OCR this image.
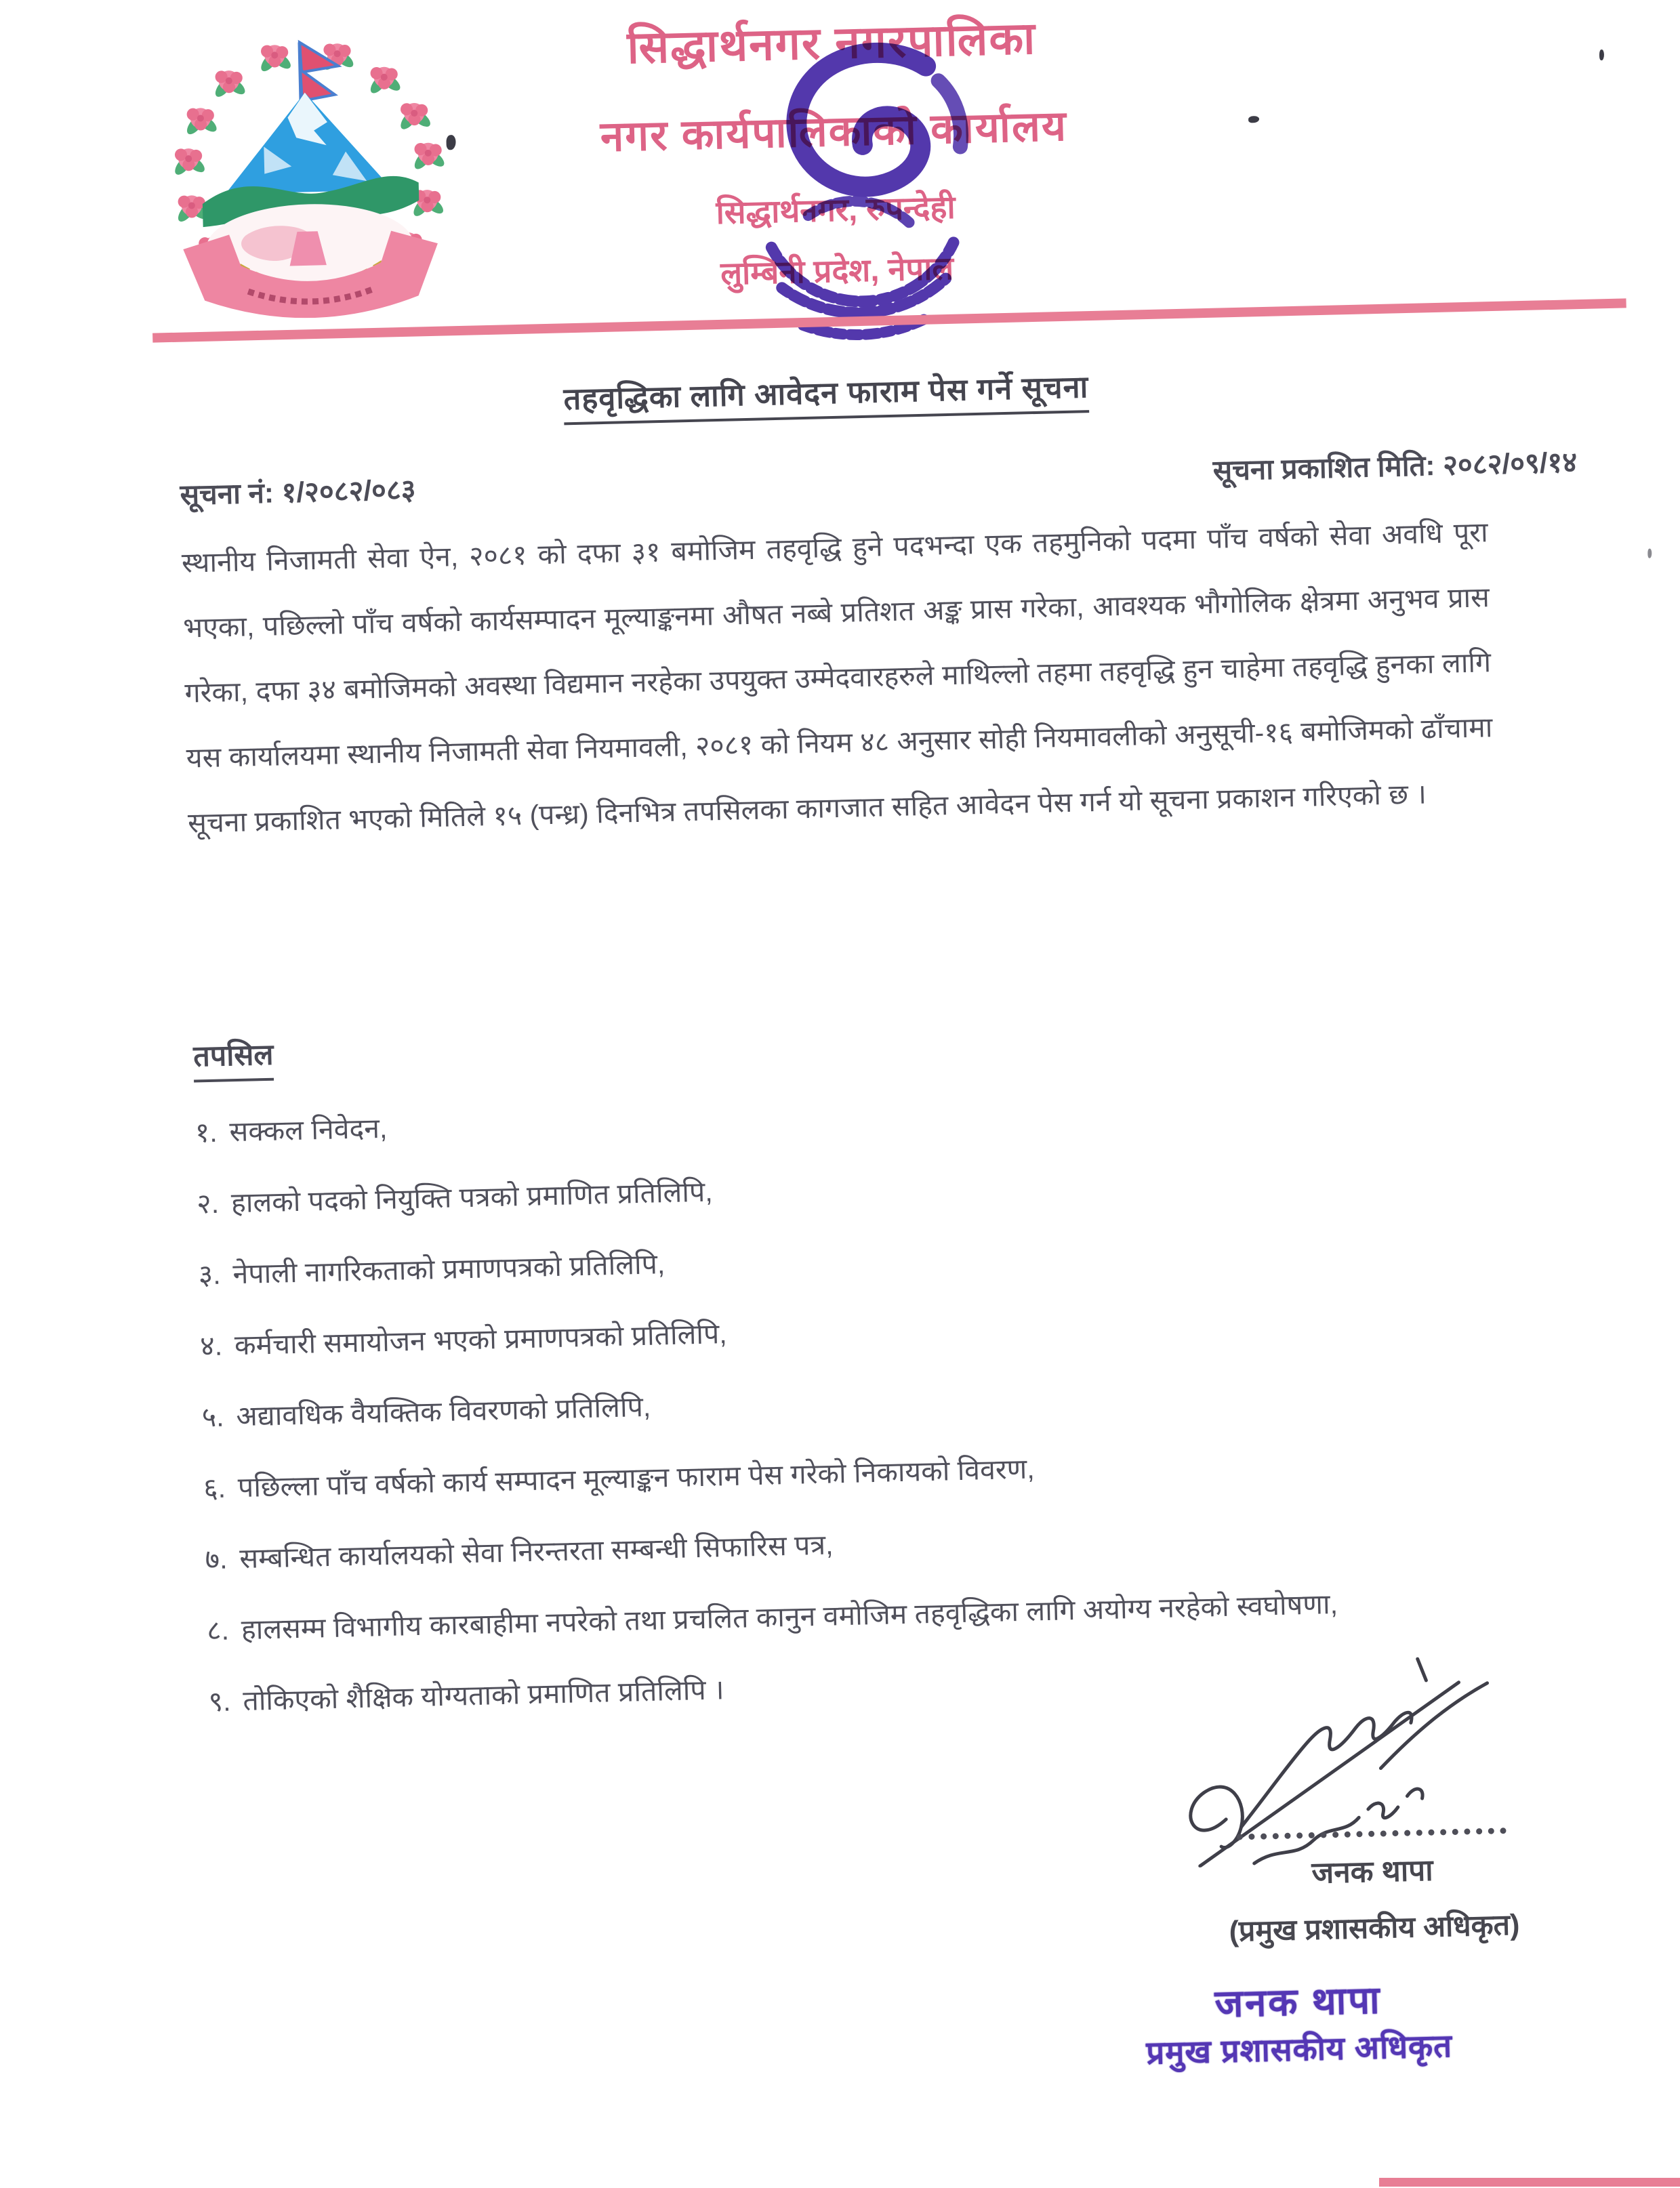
सिद्धार्थनगर नगरपालिका
नगर कार्यपालिकाको कार्यालय
सिद्धार्थनगर, रुपन्देही
लुम्बिनी प्रदेश, नेपाल
तहवृद्धिका लागि आवेदन फाराम पेस गर्ने सूचना
सूचना नं: १/२०८२/०८३
सूचना प्रकाशित मिति: २०८२/०९/१४

स्थानीय निजामती सेवा ऐन, २०८१ को दफा ३१ बमोजिम तहवृद्धि हुने पदभन्दा एक तहमुनिको पदमा पाँच वर्षको सेवा अवधि पूरा भएका, पछिल्लो पाँच वर्षको कार्यसम्पादन मूल्याङ्कनमा औषत नब्बे प्रतिशत अङ्क प्रास गरेका, आवश्यक भौगोलिक क्षेत्रमा अनुभव प्रास गरेका, दफा ३४ बमोजिमको अवस्था विद्यमान नरहेका उपयुक्त उम्मेदवारहरुले माथिल्लो तहमा तहवृद्धि हुन चाहेमा तहवृद्धि हुनका लागि यस कार्यालयमा स्थानीय निजामती सेवा नियमावली, २०८१ को नियम ४८ अनुसार सोही नियमावलीको अनुसूची-१६ बमोजिमको ढाँचामा सूचना प्रकाशित भएको मितिले १५ (पन्ध्र) दिनभित्र तपसिलका कागजात सहित आवेदन पेस गर्न यो सूचना प्रकाशन गरिएको छ ।

तपसिल
१. सक्कल निवेदन,
२. हालको पदको नियुक्ति पत्रको प्रमाणित प्रतिलिपि,
३. नेपाली नागरिकताको प्रमाणपत्रको प्रतिलिपि,
४. कर्मचारी समायोजन भएको प्रमाणपत्रको प्रतिलिपि,
५. अद्यावधिक वैयक्तिक विवरणको प्रतिलिपि,
६. पछिल्ला पाँच वर्षको कार्य सम्पादन मूल्याङ्कन फाराम पेस गरेको निकायको विवरण,
७. सम्बन्धित कार्यालयको सेवा निरन्तरता सम्बन्धी सिफारिस पत्र,
८. हालसम्म विभागीय कारबाहीमा नपरेको तथा प्रचलित कानुन वमोजिम तहवृद्धिका लागि अयोग्य नरहेको स्वघोषणा,
९. तोकिएको शैक्षिक योग्यताको प्रमाणित प्रतिलिपि ।
जनक थापा
(प्रमुख प्रशासकीय अधिकृत)
जनक थापा
प्रमुख प्रशासकीय अधिकृत
